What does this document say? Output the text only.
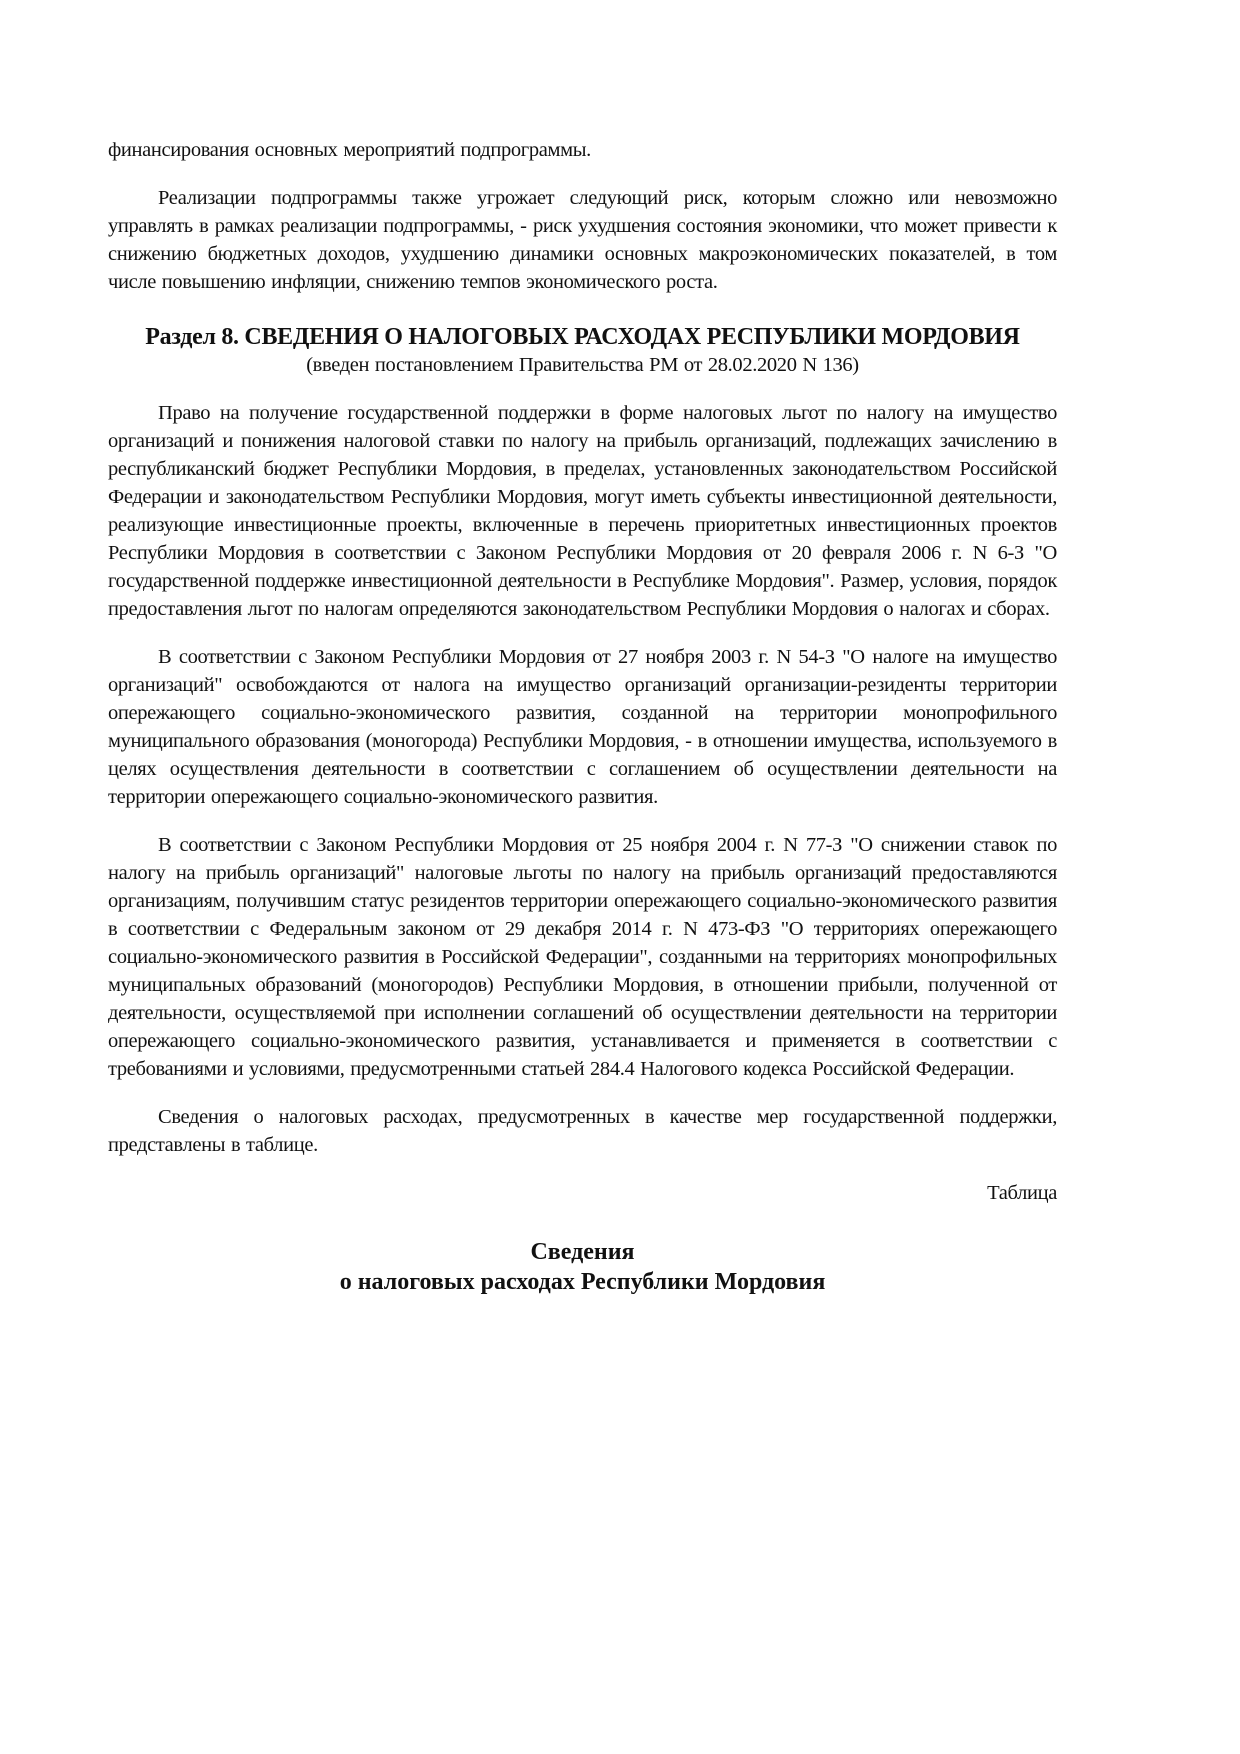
финансирования основных мероприятий подпрограммы.

Реализации подпрограммы также угрожает следующий риск, которым сложно или невозможно управлять в рамках реализации подпрограммы, - риск ухудшения состояния экономики, что может привести к снижению бюджетных доходов, ухудшению динамики основных макроэкономических показателей, в том числе повышению инфляции, снижению темпов экономического роста.

Раздел 8. СВЕДЕНИЯ О НАЛОГОВЫХ РАСХОДАХ РЕСПУБЛИКИ МОРДОВИЯ

(введен постановлением Правительства РМ от 28.02.2020 N 136)

Право на получение государственной поддержки в форме налоговых льгот по налогу на имущество организаций и понижения налоговой ставки по налогу на прибыль организаций, подлежащих зачислению в республиканский бюджет Республики Мордовия, в пределах, установленных законодательством Российской Федерации и законодательством Республики Мордовия, могут иметь субъекты инвестиционной деятельности, реализующие инвестиционные проекты, включенные в перечень приоритетных инвестиционных проектов Республики Мордовия в соответствии с Законом Республики Мордовия от 20 февраля 2006 г. N 6-З "О государственной поддержке инвестиционной деятельности в Республике Мордовия". Размер, условия, порядок предоставления льгот по налогам определяются законодательством Республики Мордовия о налогах и сборах.

В соответствии с Законом Республики Мордовия от 27 ноября 2003 г. N 54-З "О налоге на имущество организаций" освобождаются от налога на имущество организаций организации-резиденты территории опережающего социально-экономического развития, созданной на территории монопрофильного муниципального образования (моногорода) Республики Мордовия, - в отношении имущества, используемого в целях осуществления деятельности в соответствии с соглашением об осуществлении деятельности на территории опережающего социально-экономического развития.

В соответствии с Законом Республики Мордовия от 25 ноября 2004 г. N 77-З "О снижении ставок по налогу на прибыль организаций" налоговые льготы по налогу на прибыль организаций предоставляются организациям, получившим статус резидентов территории опережающего социально-экономического развития в соответствии с Федеральным законом от 29 декабря 2014 г. N 473-ФЗ "О территориях опережающего социально-экономического развития в Российской Федерации", созданными на территориях монопрофильных муниципальных образований (моногородов) Республики Мордовия, в отношении прибыли, полученной от деятельности, осуществляемой при исполнении соглашений об осуществлении деятельности на территории опережающего социально-экономического развития, устанавливается и применяется в соответствии с требованиями и условиями, предусмотренными статьей 284.4 Налогового кодекса Российской Федерации.

Сведения о налоговых расходах, предусмотренных в качестве мер государственной поддержки, представлены в таблице.

Таблица

Сведения
о налоговых расходах Республики Мордовия
